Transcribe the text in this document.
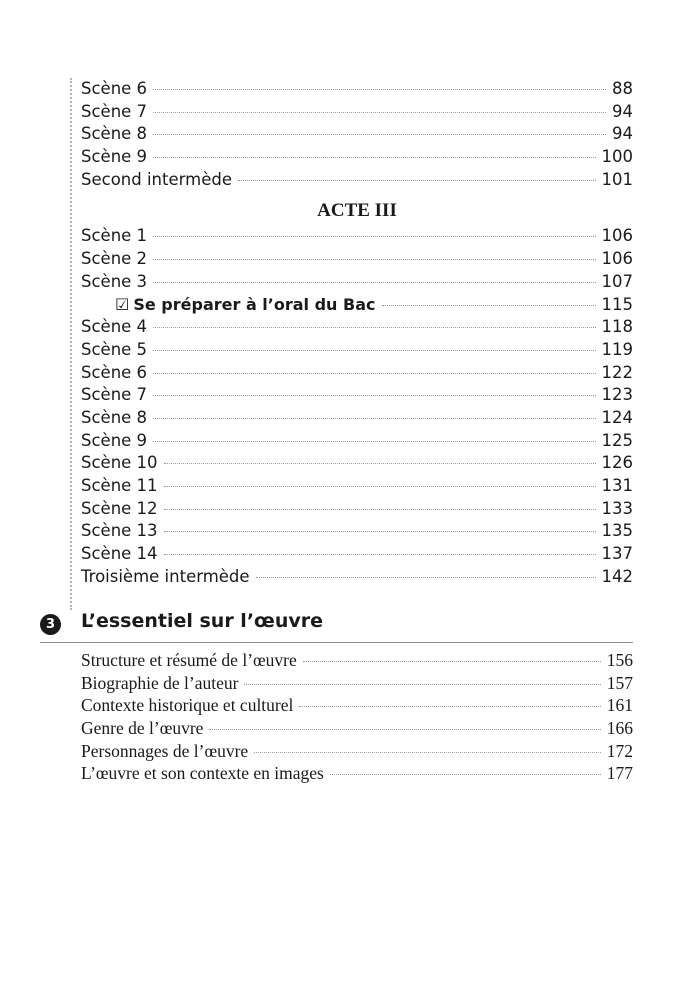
Scène 6	88
Scène 7	94
Scène 8	94
Scène 9	100
Second intermède	101
ACTE III
Scène 1	106
Scène 2	106
Scène 3	107
☑ Se préparer à l’oral du Bac	115
Scène 4	118
Scène 5	119
Scène 6	122
Scène 7	123
Scène 8	124
Scène 9	125
Scène 10	126
Scène 11	131
Scène 12	133
Scène 13	135
Scène 14	137
Troisième intermède	142
3	L’essentiel sur l’œuvre
Structure et résumé de l’œuvre	156
Biographie de l’auteur	157
Contexte historique et culturel	161
Genre de l’œuvre	166
Personnages de l’œuvre	172
L’œuvre et son contexte en images	177
